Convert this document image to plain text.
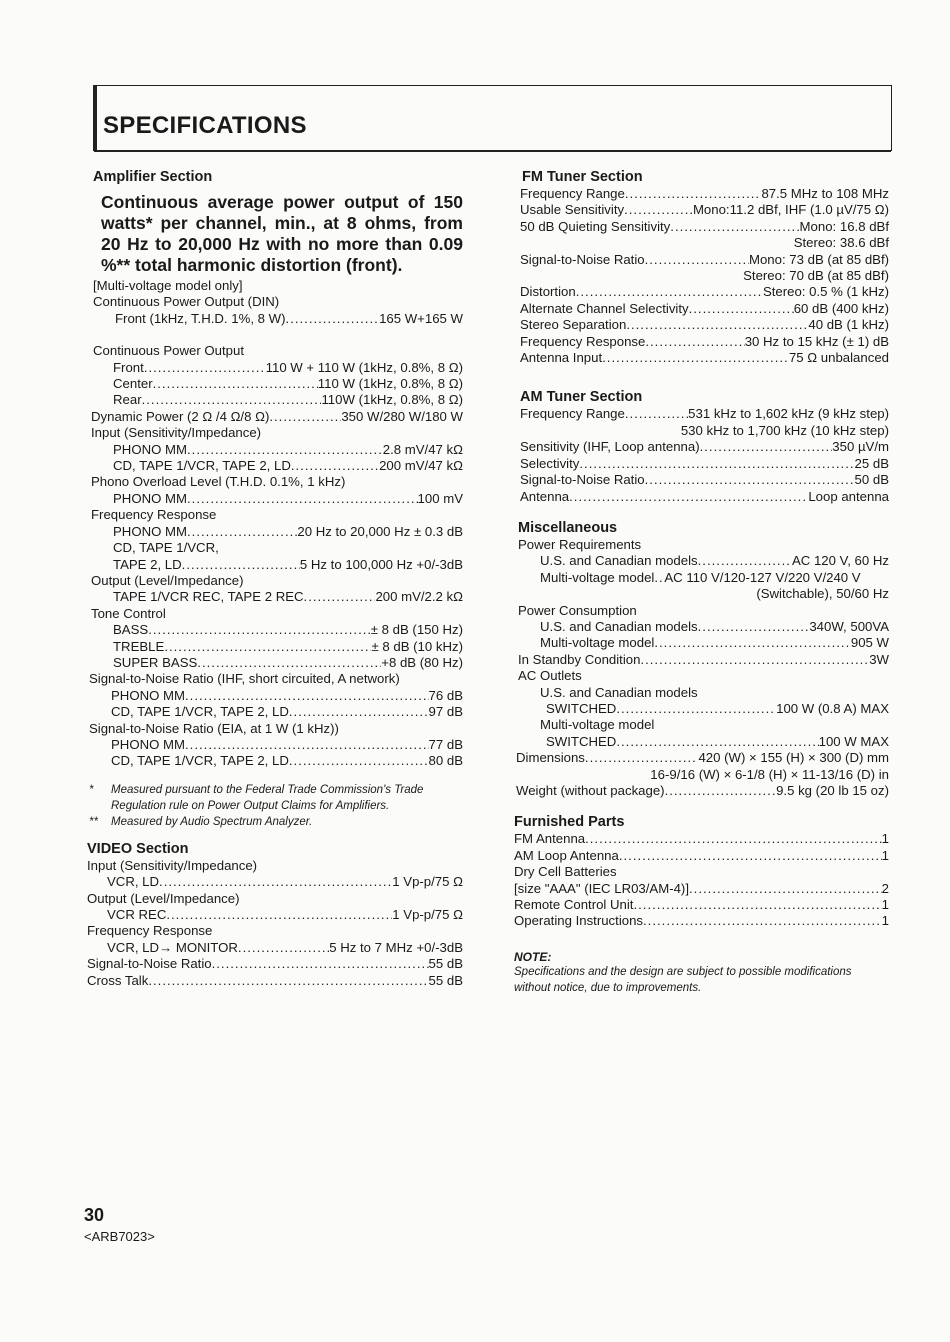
SPECIFICATIONS

Amplifier Section

Continuous average power output of 150 watts* per channel, min., at 8 ohms, from 20 Hz to 20,000 Hz with no more than 0.09 %** total harmonic distortion (front).
[Multi-voltage model only]
Continuous Power Output (DIN)
Front (1kHz, T.H.D. 1%, 8 W) .....	165 W+165 W
Continuous Power Output
Front .....	110 W + 110 W (1kHz, 0.8%, 8 Ω)
Center .....	110 W (1kHz, 0.8%, 8 Ω)
Rear .....	110W (1kHz, 0.8%, 8 Ω)
Dynamic Power (2 Ω /4 Ω/8 Ω) .....	350 W/280 W/180 W
Input (Sensitivity/Impedance)
PHONO MM .....	2.8 mV/47 kΩ
CD, TAPE 1/VCR, TAPE 2, LD .....	200 mV/47 kΩ
Phono Overload Level (T.H.D. 0.1%, 1 kHz)
PHONO MM .....	100 mV
Frequency Response
PHONO MM .....	20 Hz to 20,000 Hz ± 0.3 dB
CD, TAPE 1/VCR,
TAPE 2, LD .....	5 Hz to 100,000 Hz +0/-3dB
Output (Level/Impedance)
TAPE 1/VCR REC, TAPE 2 REC .....	200 mV/2.2 kΩ
Tone Control
BASS .....	± 8 dB (150 Hz)
TREBLE .....	± 8 dB (10 kHz)
SUPER BASS .....	+8 dB (80 Hz)
Signal-to-Noise Ratio (IHF, short circuited, A network)
PHONO MM .....	76 dB
CD, TAPE 1/VCR, TAPE 2, LD .....	97 dB
Signal-to-Noise Ratio (EIA, at 1 W (1 kHz))
PHONO MM .....	77 dB
CD, TAPE 1/VCR, TAPE 2, LD .....	80 dB
*	Measured pursuant to the Federal Trade Commission's Trade Regulation rule on Power Output Claims for Amplifiers.
**	Measured by Audio Spectrum Analyzer.

VIDEO Section

Input (Sensitivity/Impedance)
VCR, LD .....	1 Vp-p/75 Ω
Output (Level/Impedance)
VCR REC .....	1 Vp-p/75 Ω
Frequency Response
VCR, LD→ MONITOR .....	5 Hz to 7 MHz +0/-3dB
Signal-to-Noise Ratio .....	55 dB
Cross Talk .....	55 dB

FM Tuner Section

Frequency Range .....	87.5 MHz to 108 MHz
Usable Sensitivity .....	Mono:11.2 dBf, IHF (1.0 µV/75 Ω)
50 dB Quieting Sensitivity .....	Mono: 16.8 dBf
Stereo: 38.6 dBf
Signal-to-Noise Ratio .....	Mono: 73 dB (at 85 dBf)
Stereo: 70 dB (at 85 dBf)
Distortion .....	Stereo: 0.5 % (1 kHz)
Alternate Channel Selectivity .....	60 dB (400 kHz)
Stereo Separation .....	40 dB (1 kHz)
Frequency Response .....	30 Hz to 15 kHz (± 1) dB
Antenna Input .....	75 Ω unbalanced

AM Tuner Section

Frequency Range .....	531 kHz to 1,602 kHz (9 kHz step)
530 kHz to 1,700 kHz (10 kHz step)
Sensitivity (IHF, Loop antenna) .....	350 µV/m
Selectivity .....	25 dB
Signal-to-Noise Ratio .....	50 dB
Antenna .....	Loop antenna

Miscellaneous

Power Requirements
U.S. and Canadian models .....	AC 120 V, 60 Hz
Multi-voltage model ..... AC 110 V/120-127 V/220 V/240 V
(Switchable), 50/60 Hz
Power Consumption
U.S. and Canadian models .....	340W, 500VA
Multi-voltage model .....	905 W
In Standby Condition .....	3W
AC Outlets
U.S. and Canadian models
SWITCHED .....	100 W (0.8 A) MAX
Multi-voltage model
SWITCHED .....	100 W MAX
Dimensions .....	420 (W) × 155 (H) × 300 (D) mm
16-9/16 (W) × 6-1/8 (H) × 11-13/16 (D) in
Weight (without package) .....	9.5 kg (20 lb 15 oz)

Furnished Parts

FM Antenna .....	1
AM Loop Antenna .....	1
Dry Cell Batteries
[size "AAA" (IEC LR03/AM-4)] .....	2
Remote Control Unit .....	1
Operating Instructions .....	1

NOTE:

Specifications and the design are subject to possible modifications without notice, due to improvements.
30
<ARB7023>
